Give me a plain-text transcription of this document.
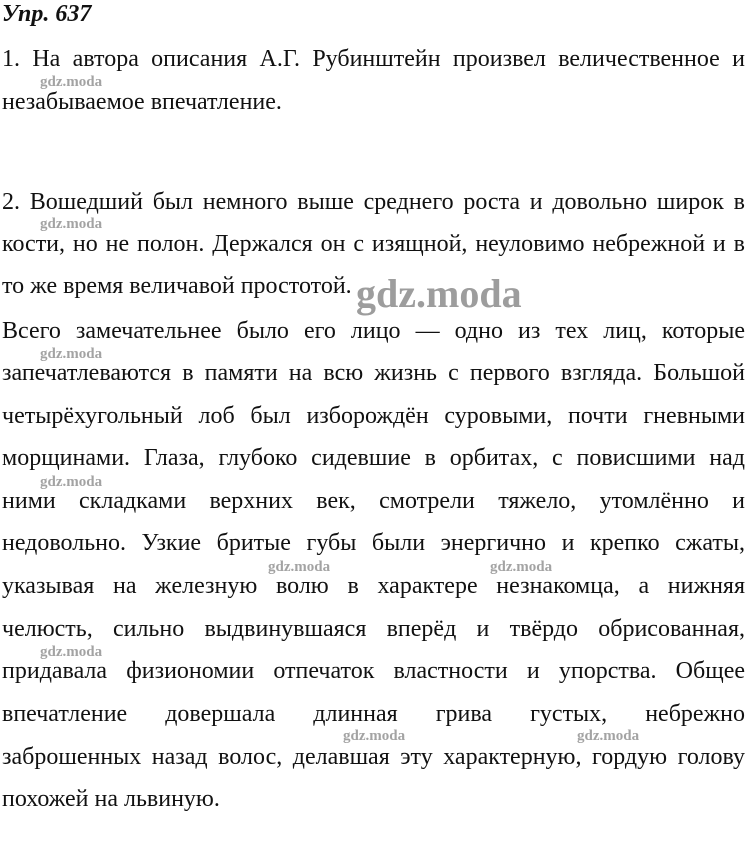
Упр. 637
1. На автора описания А.Г. Рубинштейн произвел величественное и
незабываемое впечатление.
2. Вошедший был немного выше среднего роста и довольно широк в
кости, но не полон. Держался он с изящной, неуловимо небрежной и в
то же время величавой простотой.
Всего замечательнее было его лицо — одно из тех лиц, которые
запечатлеваются в памяти на всю жизнь с первого взгляда. Большой
четырёхугольный лоб был изборождён суровыми, почти гневными
морщинами. Глаза, глубоко сидевшие в орбитах, с повисшими над
ними складками верхних век, смотрели тяжело, утомлённо и
недовольно. Узкие бритые губы были энергично и крепко сжаты,
указывая на железную волю в характере незнакомца, а нижняя
челюсть, сильно выдвинувшаяся вперёд и твёрдо обрисованная,
придавала физиономии отпечаток властности и упорства. Общее
впечатление довершала длинная грива густых, небрежно
заброшенных назад волос, делавшая эту характерную, гордую голову
похожей на львиную.
gdz.moda
gdz.moda
gdz.moda
gdz.moda
gdz.moda
gdz.moda	gdz.moda
gdz.moda
gdz.moda	gdz.moda
